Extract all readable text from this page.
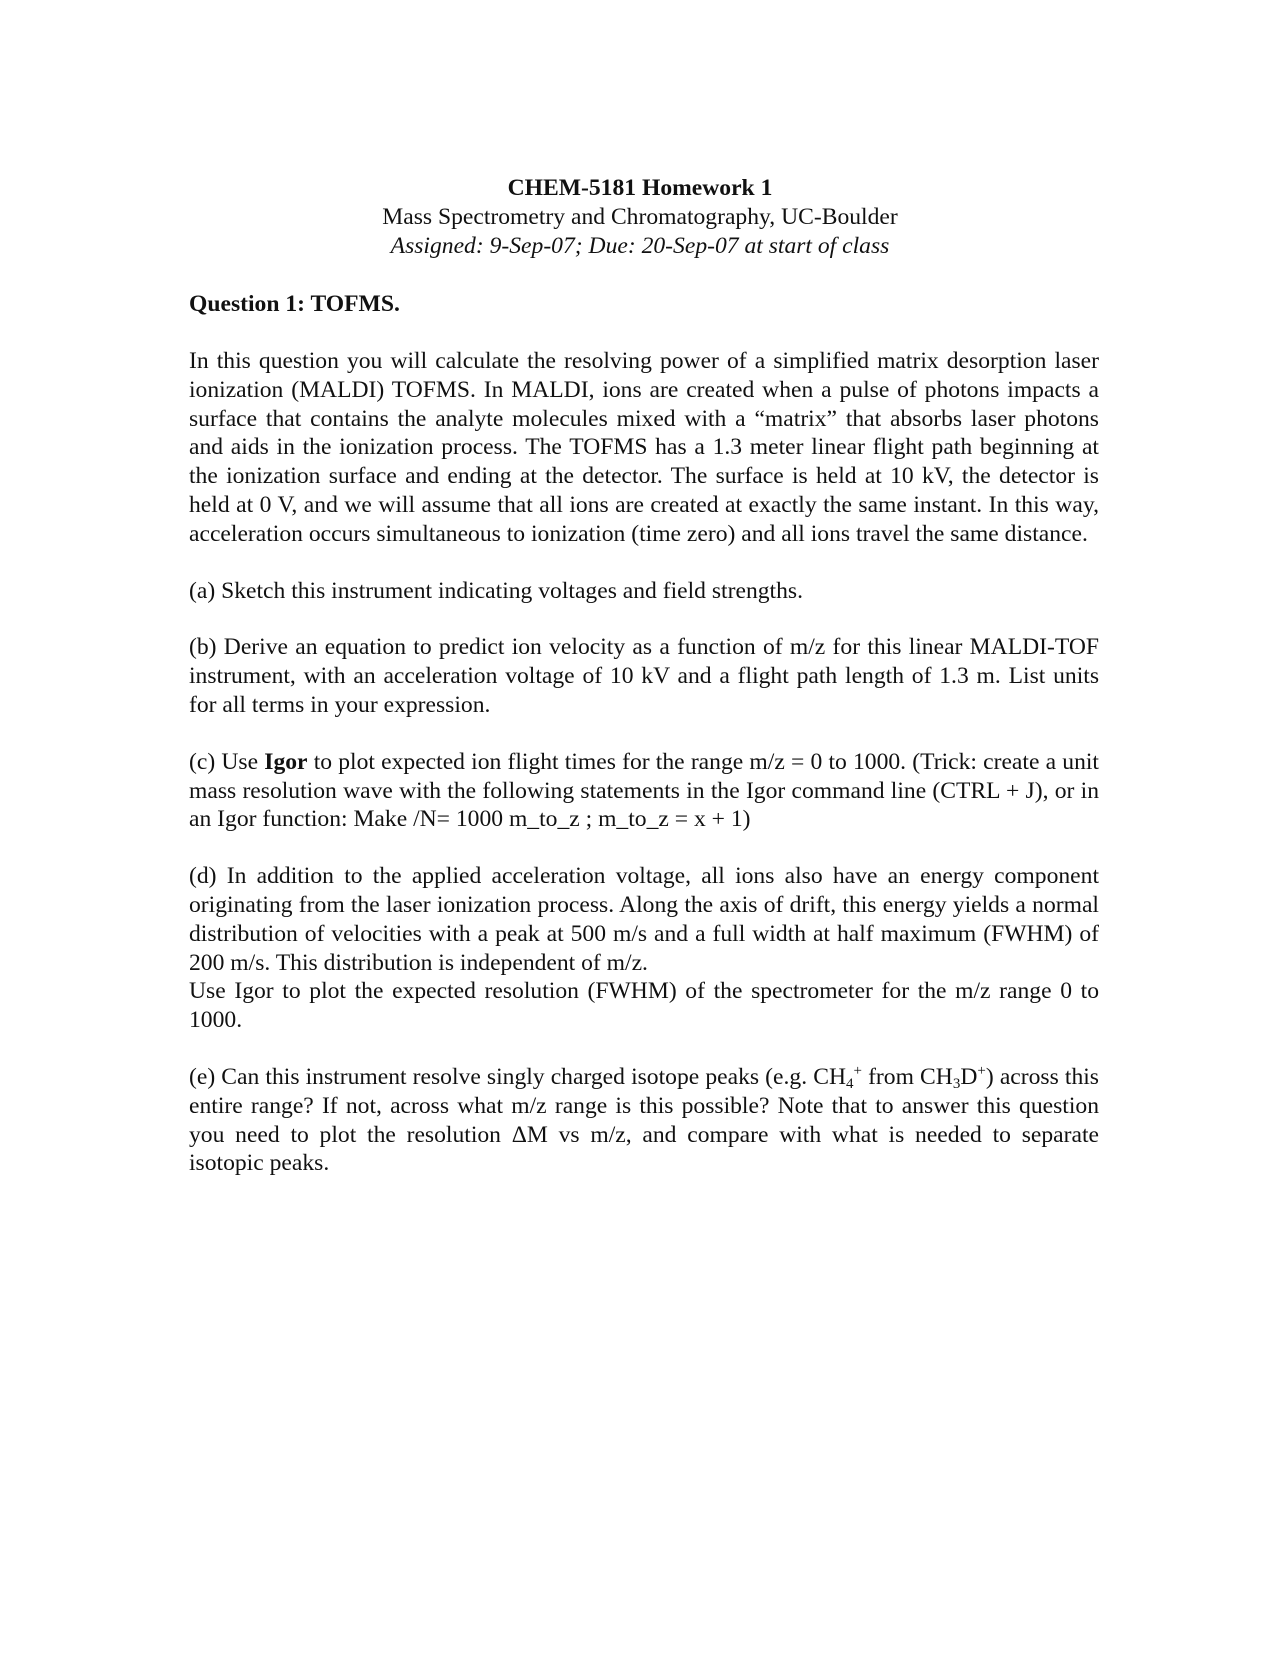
CHEM-5181 Homework 1
Mass Spectrometry and Chromatography, UC-Boulder
Assigned: 9-Sep-07; Due: 20-Sep-07 at start of class
Question 1: TOFMS.

In this question you will calculate the resolving power of a simplified matrix desorption laser ionization (MALDI) TOFMS. In MALDI, ions are created when a pulse of photons impacts a surface that contains the analyte molecules mixed with a “matrix” that absorbs laser photons and aids in the ionization process. The TOFMS has a 1.3 meter linear flight path beginning at the ionization surface and ending at the detector. The surface is held at 10 kV, the detector is held at 0 V, and we will assume that all ions are created at exactly the same instant. In this way, acceleration occurs simultaneous to ionization (time zero) and all ions travel the same distance.

(a) Sketch this instrument indicating voltages and field strengths.

(b) Derive an equation to predict ion velocity as a function of m/z for this linear MALDI-TOF instrument, with an acceleration voltage of 10 kV and a flight path length of 1.3 m. List units for all terms in your expression.

(c) Use Igor to plot expected ion flight times for the range m/z = 0 to 1000. (Trick: create a unit mass resolution wave with the following statements in the Igor command line (CTRL + J), or in an Igor function: Make /N= 1000 m_to_z ; m_to_z = x + 1)

(d) In addition to the applied acceleration voltage, all ions also have an energy component originating from the laser ionization process. Along the axis of drift, this energy yields a normal distribution of velocities with a peak at 500 m/s and a full width at half maximum (FWHM) of 200 m/s. This distribution is independent of m/z.
Use Igor to plot the expected resolution (FWHM) of the spectrometer for the m/z range 0 to 1000.

(e) Can this instrument resolve singly charged isotope peaks (e.g. $CH_4^+$ from $CH_3D^+$) across this entire range? If not, across what m/z range is this possible? Note that to answer this question you need to plot the resolution ΔM vs m/z, and compare with what is needed to separate isotopic peaks.
